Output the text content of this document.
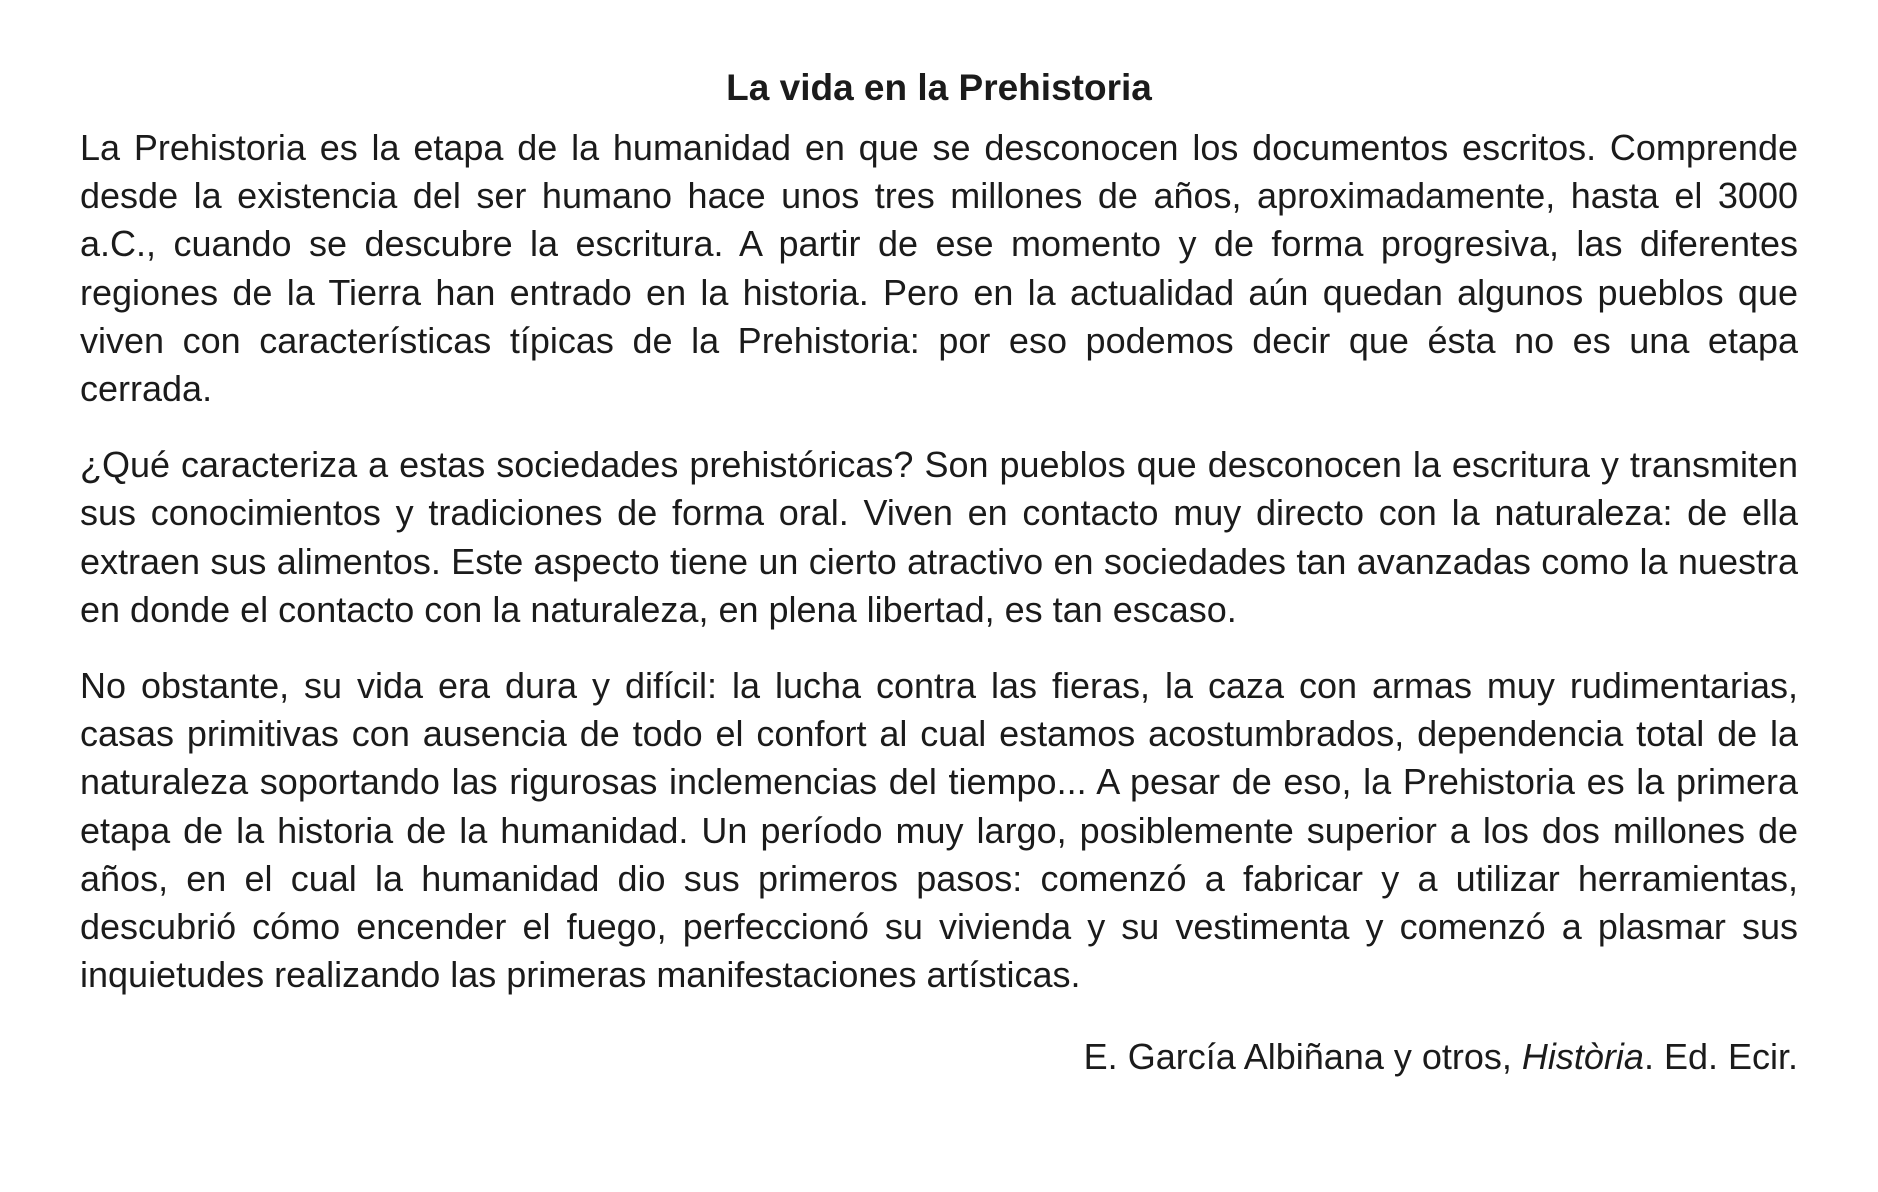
La vida en la Prehistoria

La Prehistoria es la etapa de la humanidad en que se desconocen los documentos escritos. Comprende desde la existencia del ser humano hace unos tres millones de años, aproximadamente, hasta el 3000 a.C., cuando se descubre la escritura. A partir de ese momento y de forma progresiva, las diferentes regiones de la Tierra han entrado en la historia. Pero en la actualidad aún quedan algunos pueblos que viven con características típicas de la Prehistoria: por eso podemos decir que ésta no es una etapa cerrada.

¿Qué caracteriza a estas sociedades prehistóricas? Son pueblos que desconocen la escritura y transmiten sus conocimientos y tradiciones de forma oral. Viven en contacto muy directo con la naturaleza: de ella extraen sus alimentos. Este aspecto tiene un cierto atractivo en sociedades tan avanzadas como la nuestra en donde el contacto con la naturaleza, en plena libertad, es tan escaso.

No obstante, su vida era dura y difícil: la lucha contra las fieras, la caza con armas muy rudimentarias, casas primitivas con ausencia de todo el confort al cual estamos acostumbrados, dependencia total de la naturaleza soportando las rigurosas inclemencias del tiempo... A pesar de eso, la Prehistoria es la primera etapa de la historia de la humanidad. Un período muy largo, posiblemente superior a los dos millones de años, en el cual la humanidad dio sus primeros pasos: comenzó a fabricar y a utilizar herramientas, descubrió cómo encender el fuego, perfeccionó su vivienda y su vestimenta y comenzó a plasmar sus inquietudes realizando las primeras manifestaciones artísticas.

E. García Albiñana y otros, Història. Ed. Ecir.
